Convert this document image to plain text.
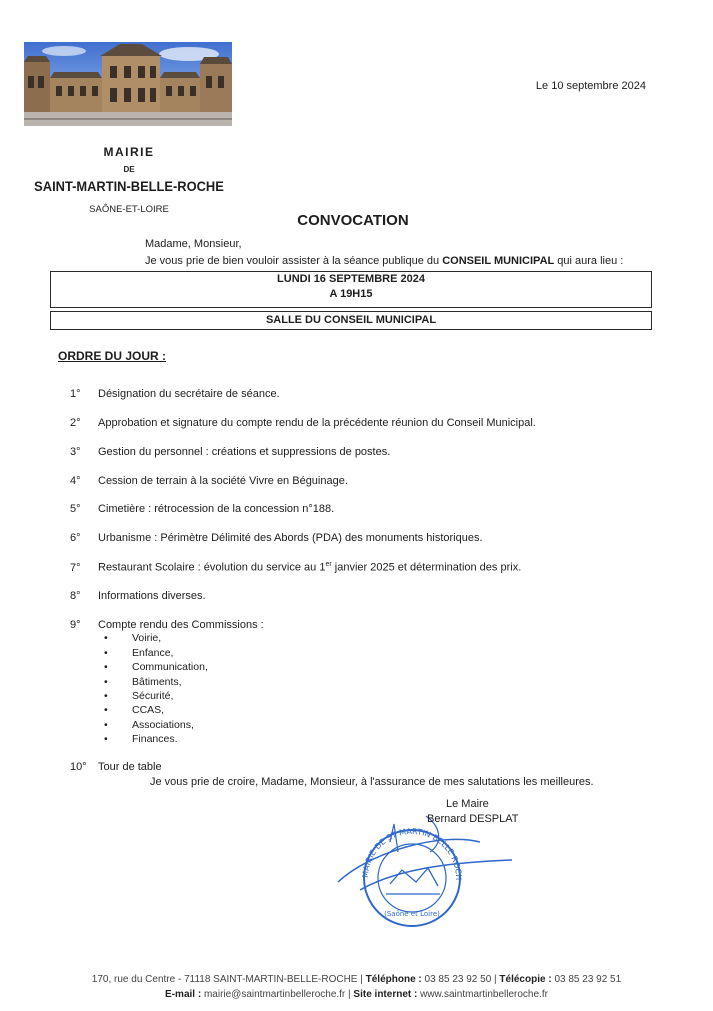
Le 10 septembre 2024
MAIRIE
DE
SAINT-MARTIN-BELLE-ROCHE
SAÔNE-ET-LOIRE
CONVOCATION
Madame, Monsieur,
Je vous prie de bien vouloir assister à la séance publique du CONSEIL MUNICIPAL qui aura lieu :
LUNDI 16 SEPTEMBRE 2024
A 19H15
SALLE DU CONSEIL MUNICIPAL
ORDRE DU JOUR :
1° Désignation du secrétaire de séance.
2° Approbation et signature du compte rendu de la précédente réunion du Conseil Municipal.
3° Gestion du personnel : créations et suppressions de postes.
4° Cession de terrain à la société Vivre en Béguinage.
5° Cimetière : rétrocession de la concession n°188.
6° Urbanisme : Périmètre Délimité des Abords (PDA) des monuments historiques.
7° Restaurant Scolaire : évolution du service au 1er janvier 2025 et détermination des prix.
8° Informations diverses.
9° Compte rendu des Commissions :
• Voirie,
• Enfance,
• Communication,
• Bâtiments,
• Sécurité,
• CCAS,
• Associations,
• Finances.
10° Tour de table
Je vous prie de croire, Madame, Monsieur, à l'assurance de mes salutations les meilleures.
MAIRIE DE ST MARTIN BELLE ROCH
(Saône et Loire)
Le Maire
Bernard DESPLAT
170, rue du Centre - 71118 SAINT-MARTIN-BELLE-ROCHE | Téléphone : 03 85 23 92 50 | Télécopie : 03 85 23 92 51
E-mail : mairie@saintmartinbelleroche.fr | Site internet : www.saintmartinbelleroche.fr
